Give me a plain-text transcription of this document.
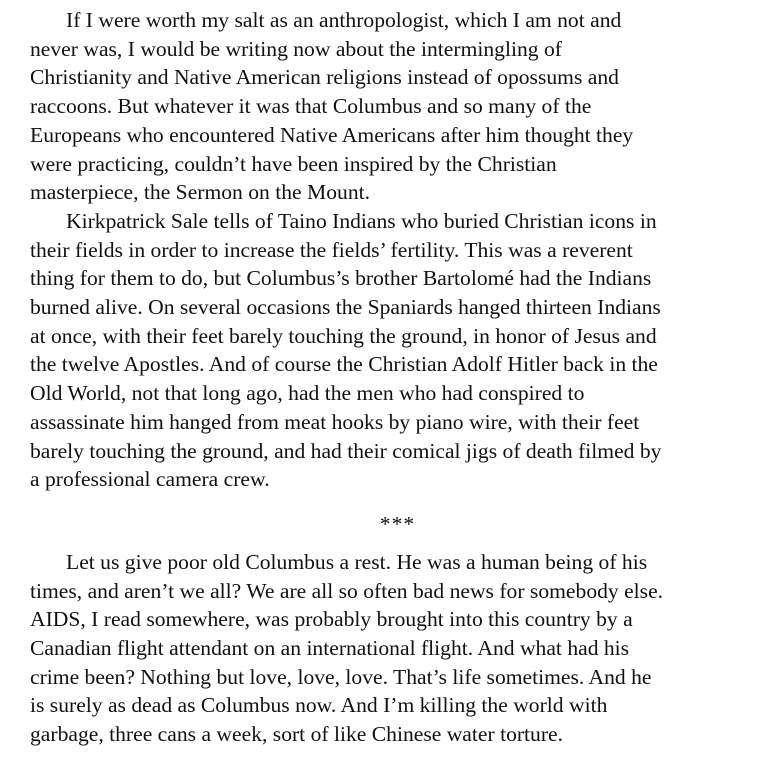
If I were worth my salt as an anthropologist, which I am not and
never was, I would be writing now about the intermingling of
Christianity and Native American religions instead of opossums and
raccoons. But whatever it was that Columbus and so many of the
Europeans who encountered Native Americans after him thought they
were practicing, couldn’t have been inspired by the Christian
masterpiece, the Sermon on the Mount.

Kirkpatrick Sale tells of Taino Indians who buried Christian icons in
their fields in order to increase the fields’ fertility. This was a reverent
thing for them to do, but Columbus’s brother Bartolomé had the Indians
burned alive. On several occasions the Spaniards hanged thirteen Indians
at once, with their feet barely touching the ground, in honor of Jesus and
the twelve Apostles. And of course the Christian Adolf Hitler back in the
Old World, not that long ago, had the men who had conspired to
assassinate him hanged from meat hooks by piano wire, with their feet
barely touching the ground, and had their comical jigs of death filmed by
a professional camera crew.

***

Let us give poor old Columbus a rest. He was a human being of his
times, and aren’t we all? We are all so often bad news for somebody else.
AIDS, I read somewhere, was probably brought into this country by a
Canadian flight attendant on an international flight. And what had his
crime been? Nothing but love, love, love. That’s life sometimes. And he
is surely as dead as Columbus now. And I’m killing the world with
garbage, three cans a week, sort of like Chinese water torture.
